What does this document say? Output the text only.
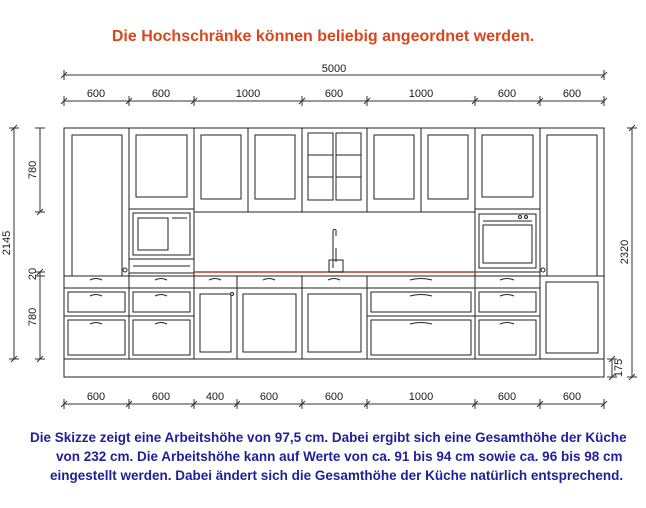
Die Hochschränke können beliebig angeordnet werden.
5000
600	600	1000	600	1000	600	600
600	600	400	600	600	1000	600	600
780
2145
20
780
2320
175
Die Skizze zeigt eine Arbeitshöhe von 97,5 cm. Dabei ergibt sich eine Gesamthöhe der Küche
von 232 cm. Die Arbeitshöhe kann auf Werte von ca. 91 bis 94 cm sowie ca. 96 bis 98 cm
eingestellt werden. Dabei ändert sich die Gesamthöhe der Küche natürlich entsprechend.
